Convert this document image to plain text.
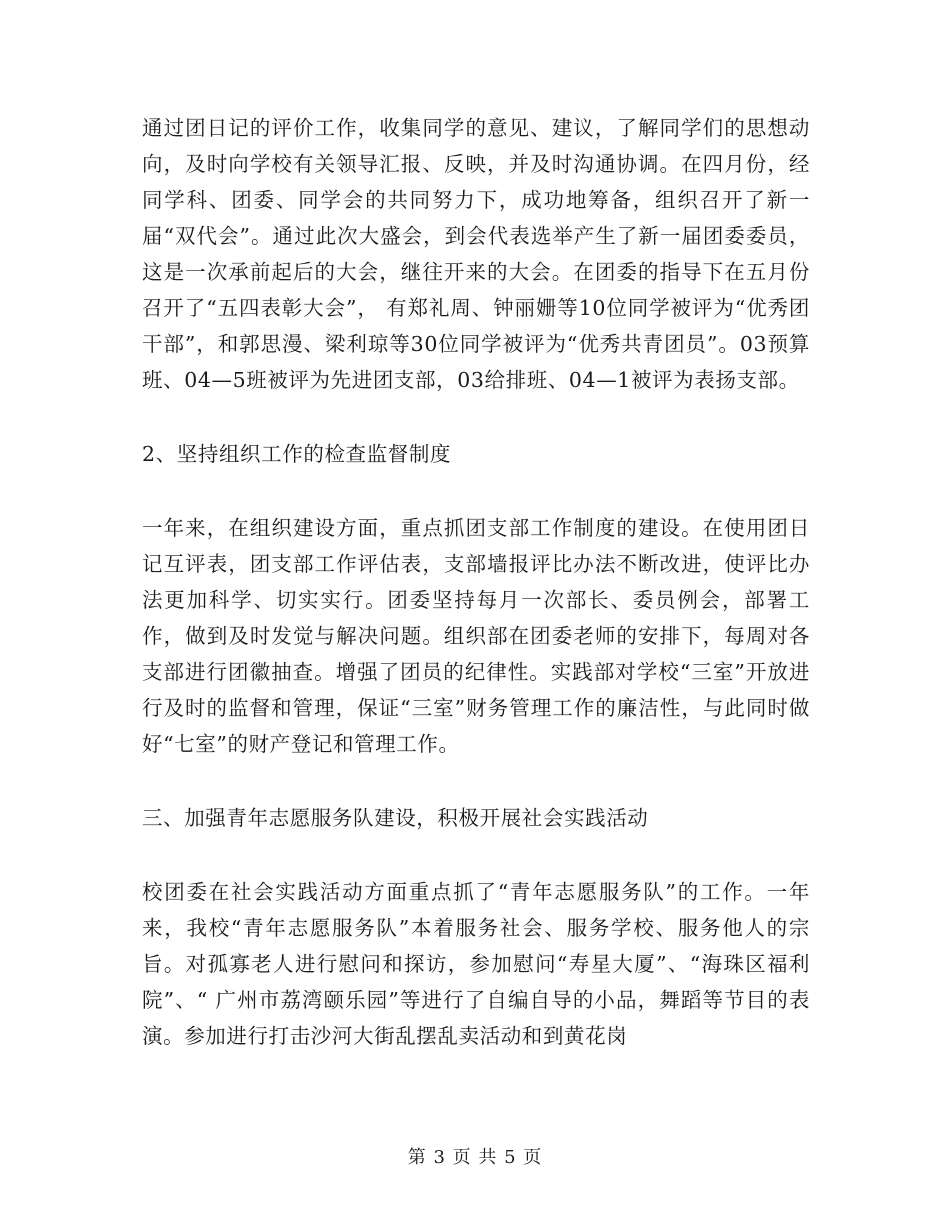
通过团日记的评价工作，收集同学的意见、建议，了解同学们的思想动向，及时向学校有关领导汇报、反映，并及时沟通协调。在四月份，经同学科、团委、同学会的共同努力下，成功地筹备，组织召开了新一届“双代会”。通过此次大盛会，到会代表选举产生了新一届团委委员，这是一次承前起后的大会，继往开来的大会。在团委的指导下在五月份召开了“五四表彰大会”， 有郑礼周、钟丽姗等10位同学被评为“优秀团干部”，和郭思漫、梁利琼等30位同学被评为“优秀共青团员”。03预算班、04—5班被评为先进团支部，03给排班、04—1被评为表扬支部。

2、坚持组织工作的检查监督制度

一年来，在组织建设方面，重点抓团支部工作制度的建设。在使用团日记互评表，团支部工作评估表，支部墙报评比办法不断改进，使评比办法更加科学、切实实行。团委坚持每月一次部长、委员例会，部署工作，做到及时发觉与解决问题。组织部在团委老师的安排下，每周对各支部进行团徽抽查。增强了团员的纪律性。实践部对学校“三室”开放进行及时的监督和管理，保证“三室”财务管理工作的廉洁性，与此同时做好“七室”的财产登记和管理工作。

三、加强青年志愿服务队建设，积极开展社会实践活动

校团委在社会实践活动方面重点抓了“青年志愿服务队”的工作。一年来，我校“青年志愿服务队”本着服务社会、服务学校、服务他人的宗旨。对孤寡老人进行慰问和探访，参加慰问“寿星大厦”、“海珠区福利院”、“ 广州市荔湾颐乐园”等进行了自编自导的小品，舞蹈等节目的表演。参加进行打击沙河大街乱摆乱卖活动和到黄花岗

第 3 页 共 5 页
